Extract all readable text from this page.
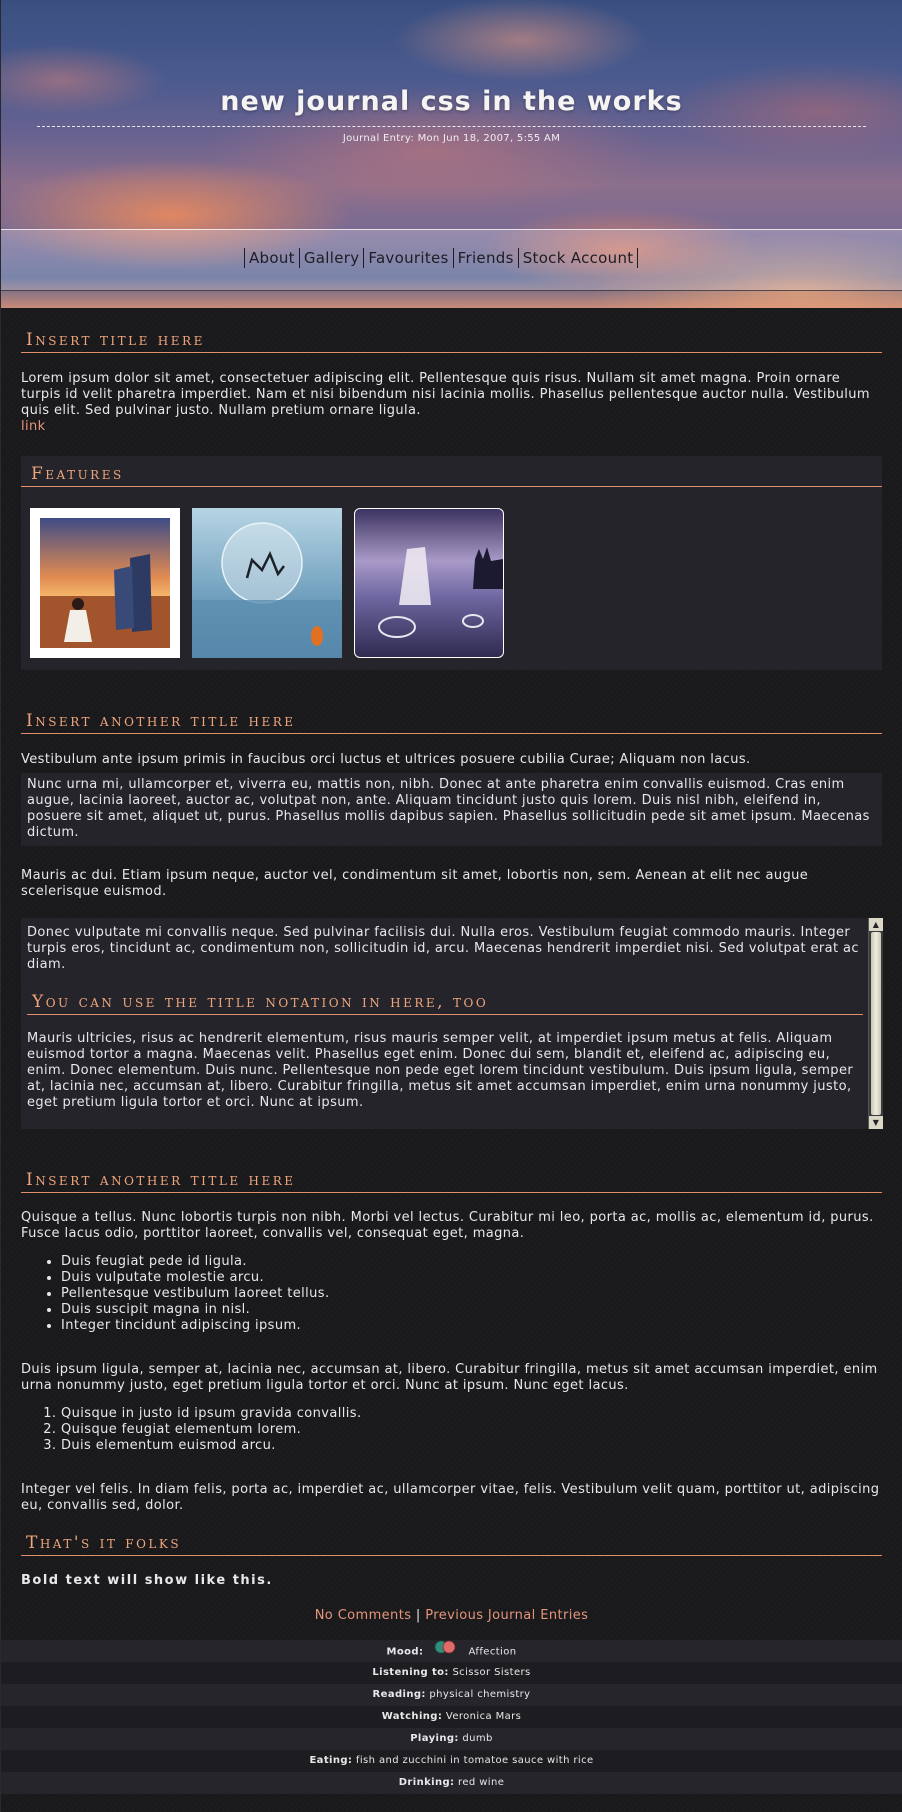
new journal css in the works
Journal Entry: Mon Jun 18, 2007, 5:55 AM
About Gallery Favourites Friends Stock Account
Insert title here

Lorem ipsum dolor sit amet, consectetuer adipiscing elit. Pellentesque quis risus. Nullam sit amet magna. Proin ornare turpis id velit pharetra imperdiet. Nam et nisi bibendum nisi lacinia mollis. Phasellus pellentesque auctor nulla. Vestibulum quis elit. Sed pulvinar justo. Nullam pretium ornare ligula.

link
Features
Insert another title here

Vestibulum ante ipsum primis in faucibus orci luctus et ultrices posuere cubilia Curae; Aliquam non lacus.

Nunc urna mi, ullamcorper et, viverra eu, mattis non, nibh. Donec at ante pharetra enim convallis euismod. Cras enim augue, lacinia laoreet, auctor ac, volutpat non, ante. Aliquam tincidunt justo quis lorem. Duis nisl nibh, eleifend in, posuere sit amet, aliquet ut, purus. Phasellus mollis dapibus sapien. Phasellus sollicitudin pede sit amet ipsum. Maecenas dictum.

Mauris ac dui. Etiam ipsum neque, auctor vel, condimentum sit amet, lobortis non, sem. Aenean at elit nec augue scelerisque euismod.

Donec vulputate mi convallis neque. Sed pulvinar facilisis dui. Nulla eros. Vestibulum feugiat commodo mauris. Integer turpis eros, tincidunt ac, condimentum non, sollicitudin id, arcu. Maecenas hendrerit imperdiet nisi. Sed volutpat erat ac diam.

You can use the title notation in here, too

Mauris ultricies, risus ac hendrerit elementum, risus mauris semper velit, at imperdiet ipsum metus at felis. Aliquam euismod tortor a magna. Maecenas velit. Phasellus eget enim. Donec dui sem, blandit et, eleifend ac, adipiscing eu, enim. Donec elementum. Duis nunc. Pellentesque non pede eget lorem tincidunt vestibulum. Duis ipsum ligula, semper at, lacinia nec, accumsan at, libero. Curabitur fringilla, metus sit amet accumsan imperdiet, enim urna nonummy justo, eget pretium ligula tortor et orci. Nunc at ipsum.

▲
▼
Insert another title here

Quisque a tellus. Nunc lobortis turpis non nibh. Morbi vel lectus. Curabitur mi leo, porta ac, mollis ac, elementum id, purus. Fusce lacus odio, porttitor laoreet, convallis vel, consequat eget, magna.

• Duis feugiat pede id ligula.
• Duis vulputate molestie arcu.
• Pellentesque vestibulum laoreet tellus.
• Duis suscipit magna in nisl.
• Integer tincidunt adipiscing ipsum.

Duis ipsum ligula, semper at, lacinia nec, accumsan at, libero. Curabitur fringilla, metus sit amet accumsan imperdiet, enim urna nonummy justo, eget pretium ligula tortor et orci. Nunc at ipsum. Nunc eget lacus.

1. Quisque in justo id ipsum gravida convallis.
2. Quisque feugiat elementum lorem.
3. Duis elementum euismod arcu.

Integer vel felis. In diam felis, porta ac, imperdiet ac, ullamcorper vitae, felis. Vestibulum velit quam, porttitor ut, adipiscing eu, convallis sed, dolor.

That's it folks
Bold text will show like this.
No Comments | Previous Journal Entries
Mood:	Affection
Listening to: Scissor Sisters
Reading: physical chemistry
Watching: Veronica Mars
Playing: dumb
Eating: fish and zucchini in tomatoe sauce with rice
Drinking: red wine
